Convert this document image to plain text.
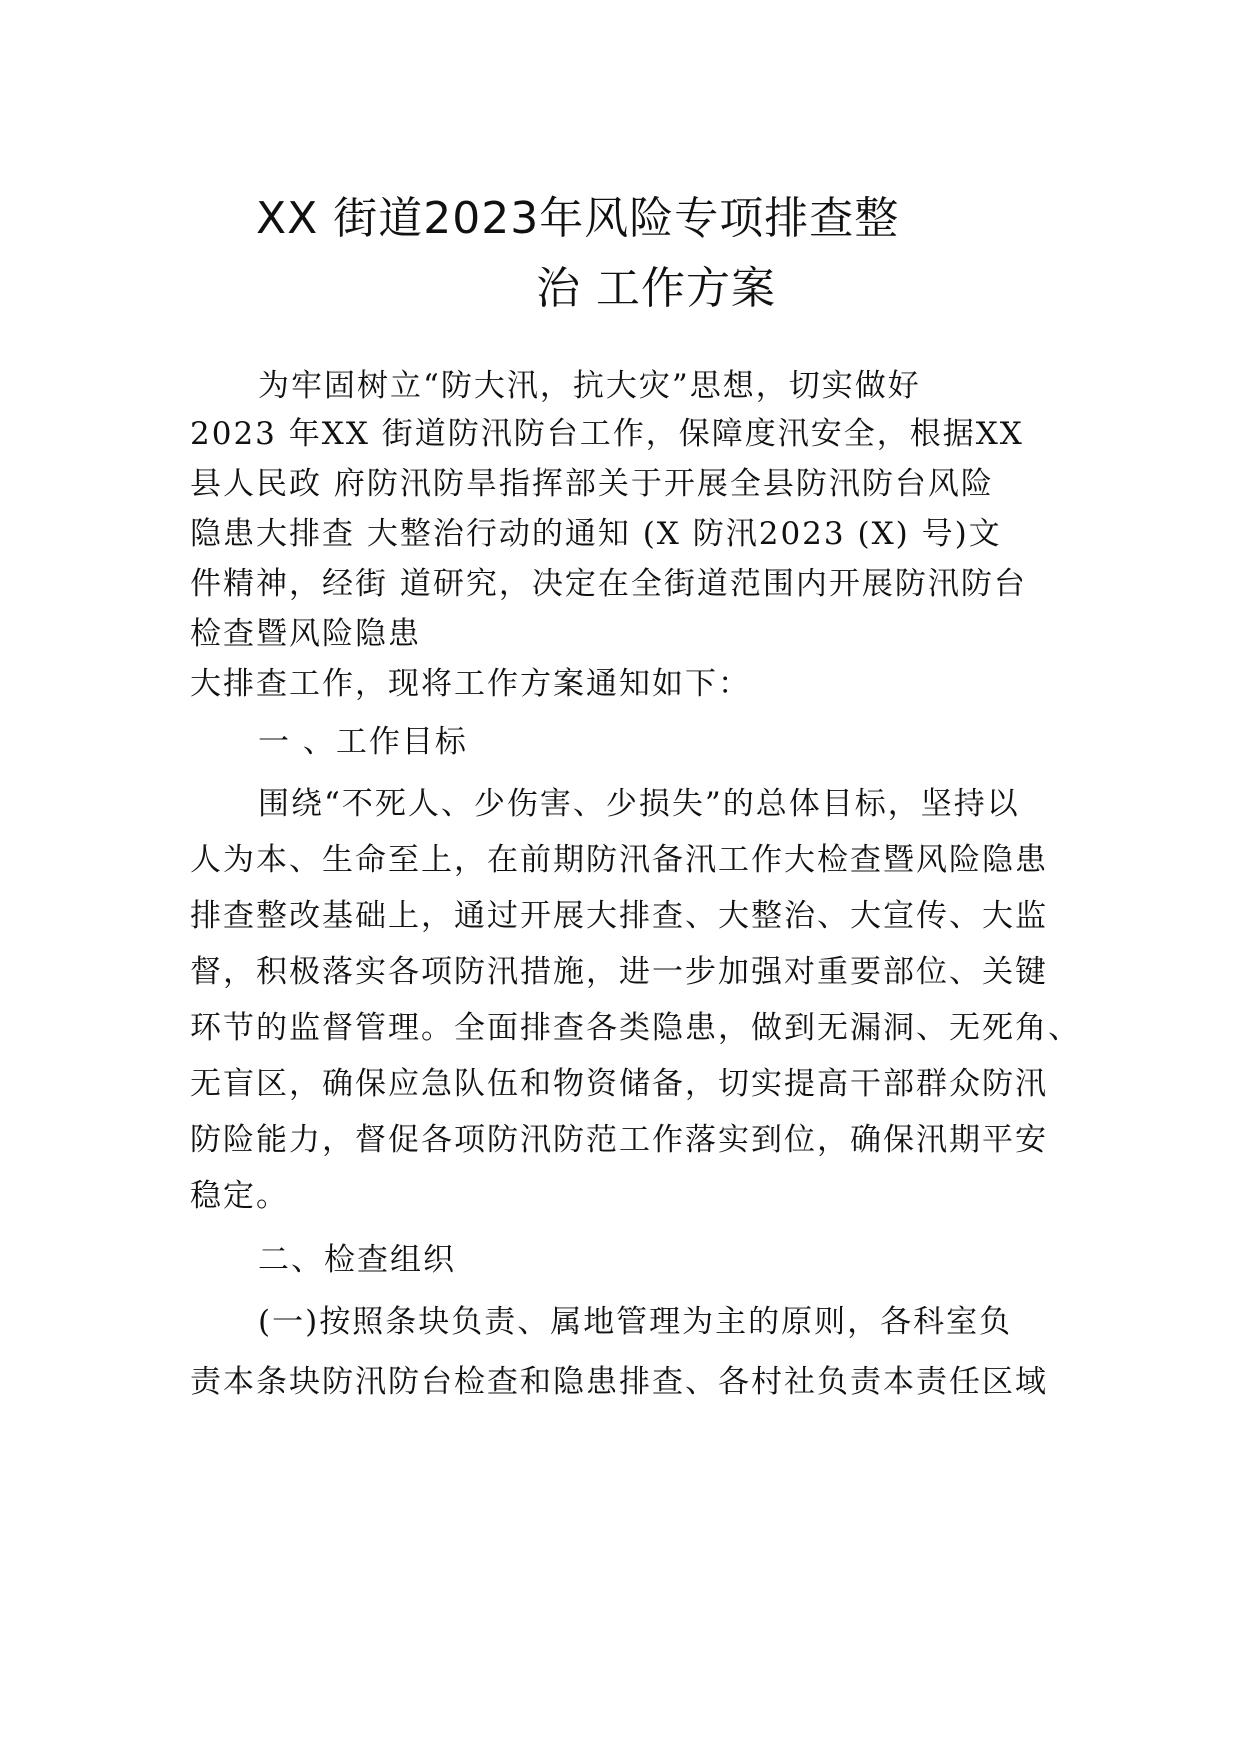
XX 街道2023年风险专项排查整
治 工作方案
为牢固树立“防大汛，抗大灾”思想，切实做好
2023 年XX 街道防汛防台工作，保障度汛安全，根据XX
县人民政 府防汛防旱指挥部关于开展全县防汛防台风险
隐患大排查 大整治行动的通知 (X 防汛2023 (X) 号)文
件精神，经街 道研究，决定在全街道范围内开展防汛防台
检查暨风险隐患
大排查工作，现将工作方案通知如下：
一 、工作目标
围绕“不死人、少伤害、少损失”的总体目标，坚持以
人为本、生命至上，在前期防汛备汛工作大检查暨风险隐患
排查整改基础上，通过开展大排查、大整治、大宣传、大监
督，积极落实各项防汛措施，进一步加强对重要部位、关键
环节的监督管理。全面排查各类隐患，做到无漏洞、无死角、
无盲区，确保应急队伍和物资储备，切实提高干部群众防汛
防险能力，督促各项防汛防范工作落实到位，确保汛期平安
稳定。
二、检查组织
(一)按照条块负责、属地管理为主的原则，各科室负
责本条块防汛防台检查和隐患排查、各村社负责本责任区域
